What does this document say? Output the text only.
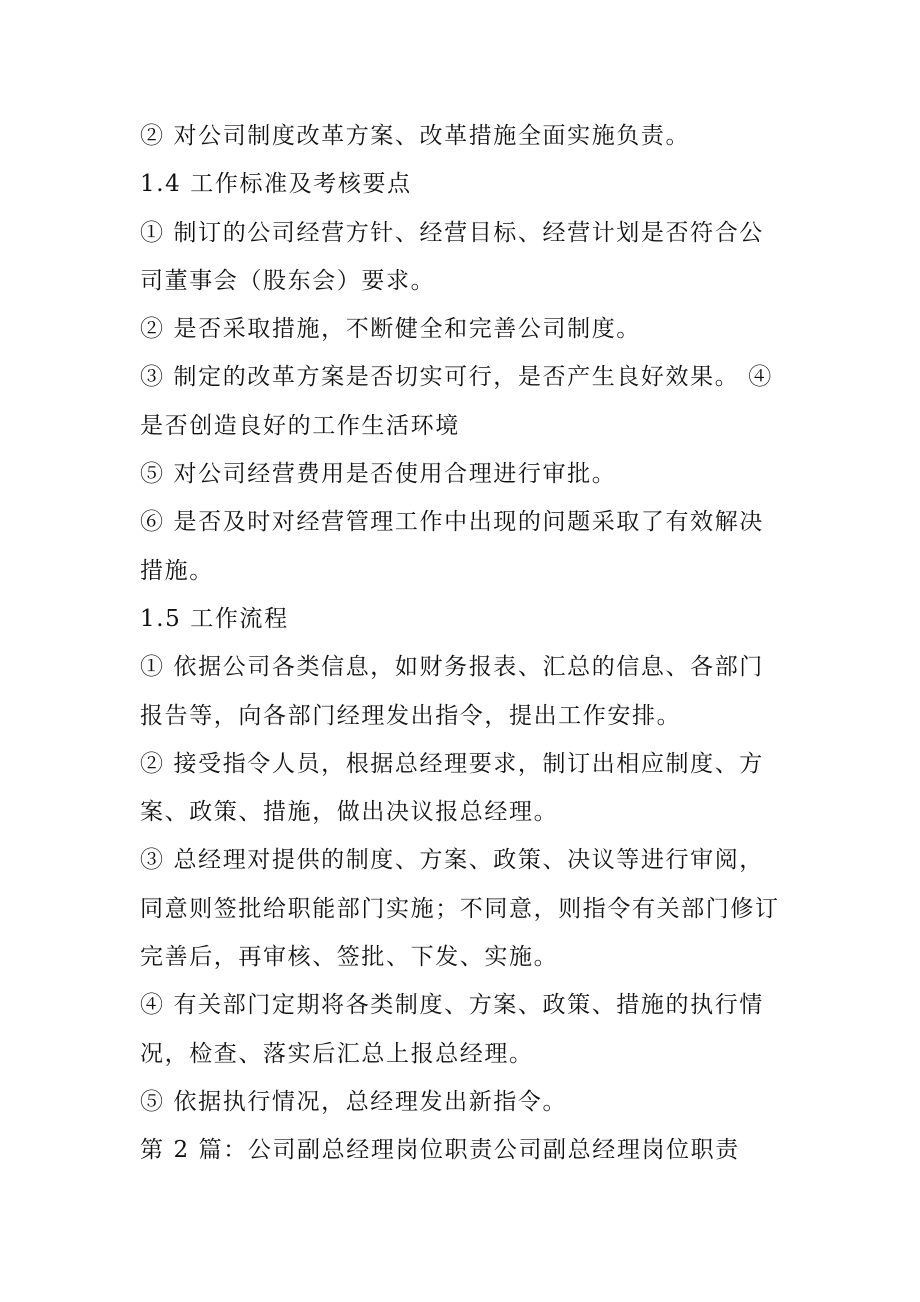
② 对公司制度改革方案、改革措施全面实施负责。
1.4 工作标准及考核要点
① 制订的公司经营方针、经营目标、经营计划是否符合公
司董事会（股东会）要求。
② 是否采取措施，不断健全和完善公司制度。
③ 制定的改革方案是否切实可行，是否产生良好效果。 ④
是否创造良好的工作生活环境
⑤ 对公司经营费用是否使用合理进行审批。
⑥ 是否及时对经营管理工作中出现的问题采取了有效解决
措施。
1.5 工作流程
① 依据公司各类信息，如财务报表、汇总的信息、各部门
报告等，向各部门经理发出指令，提出工作安排。
② 接受指令人员，根据总经理要求，制订出相应制度、方
案、政策、措施，做出决议报总经理。
③ 总经理对提供的制度、方案、政策、决议等进行审阅，
同意则签批给职能部门实施；不同意，则指令有关部门修订
完善后，再审核、签批、下发、实施。
④ 有关部门定期将各类制度、方案、政策、措施的执行情
况，检查、落实后汇总上报总经理。
⑤ 依据执行情况，总经理发出新指令。
第 2 篇：公司副总经理岗位职责公司副总经理岗位职责
